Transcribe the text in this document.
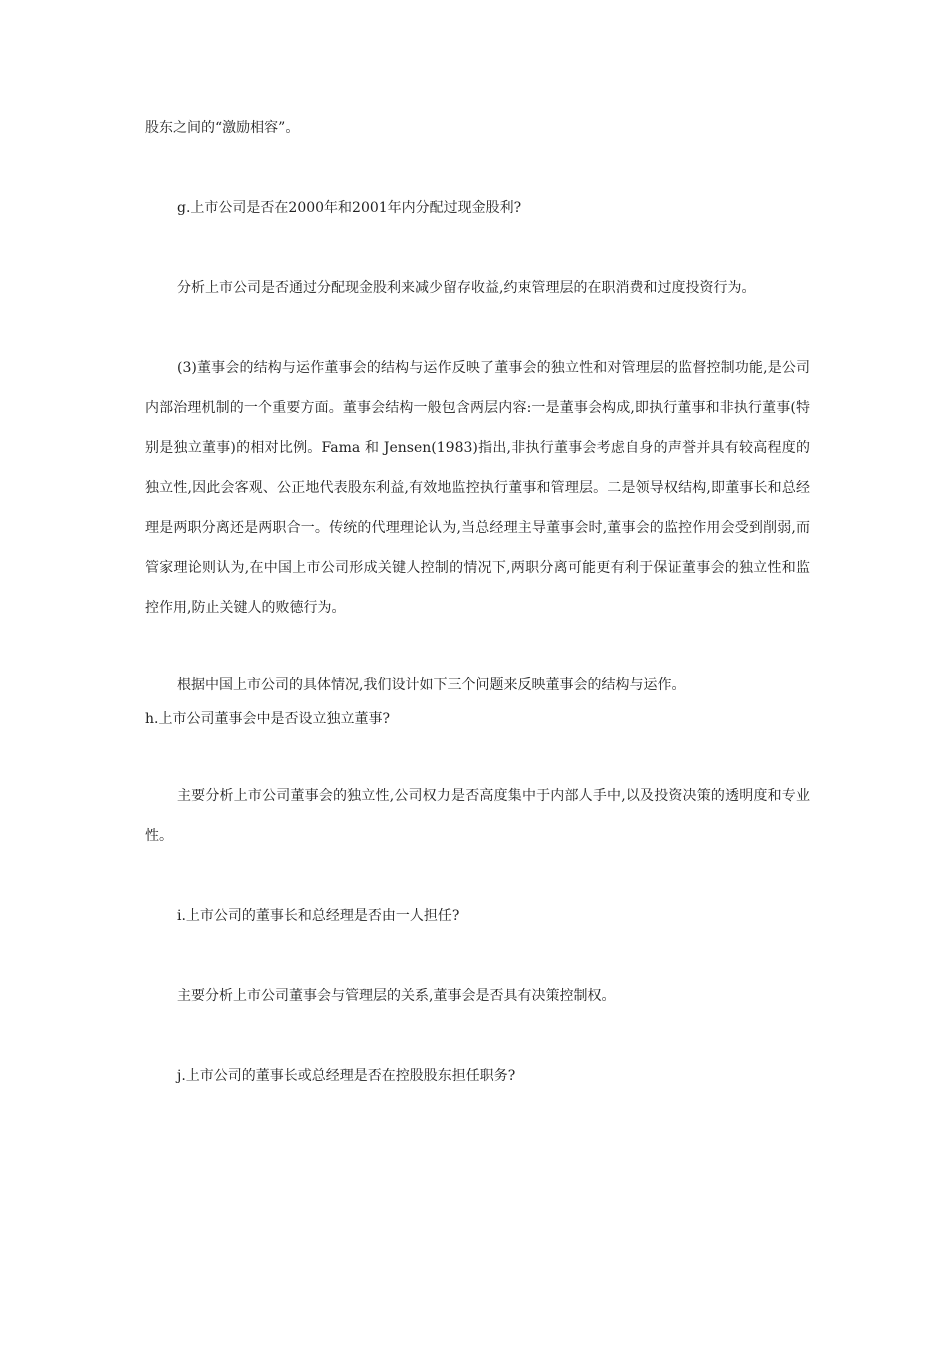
股东之间的“激励相容”。

g.上市公司是否在2000年和2001年内分配过现金股利?

分析上市公司是否通过分配现金股利来减少留存收益,约束管理层的在职消费和过度投资行为。

(3)董事会的结构与运作董事会的结构与运作反映了董事会的独立性和对管理层的监督控制功能,是公司内部治理机制的一个重要方面。董事会结构一般包含两层内容:一是董事会构成,即执行董事和非执行董事(特别是独立董事)的相对比例。Fama 和 Jensen(1983)指出,非执行董事会考虑自身的声誉并具有较高程度的独立性,因此会客观、公正地代表股东利益,有效地监控执行董事和管理层。二是领导权结构,即董事长和总经理是两职分离还是两职合一。传统的代理理论认为,当总经理主导董事会时,董事会的监控作用会受到削弱,而管家理论则认为,在中国上市公司形成关键人控制的情况下,两职分离可能更有利于保证董事会的独立性和监控作用,防止关键人的败德行为。

根据中国上市公司的具体情况,我们设计如下三个问题来反映董事会的结构与运作。

h.上市公司董事会中是否设立独立董事?

主要分析上市公司董事会的独立性,公司权力是否高度集中于内部人手中,以及投资决策的透明度和专业性。

i.上市公司的董事长和总经理是否由一人担任?

主要分析上市公司董事会与管理层的关系,董事会是否具有决策控制权。

j.上市公司的董事长或总经理是否在控股股东担任职务?
